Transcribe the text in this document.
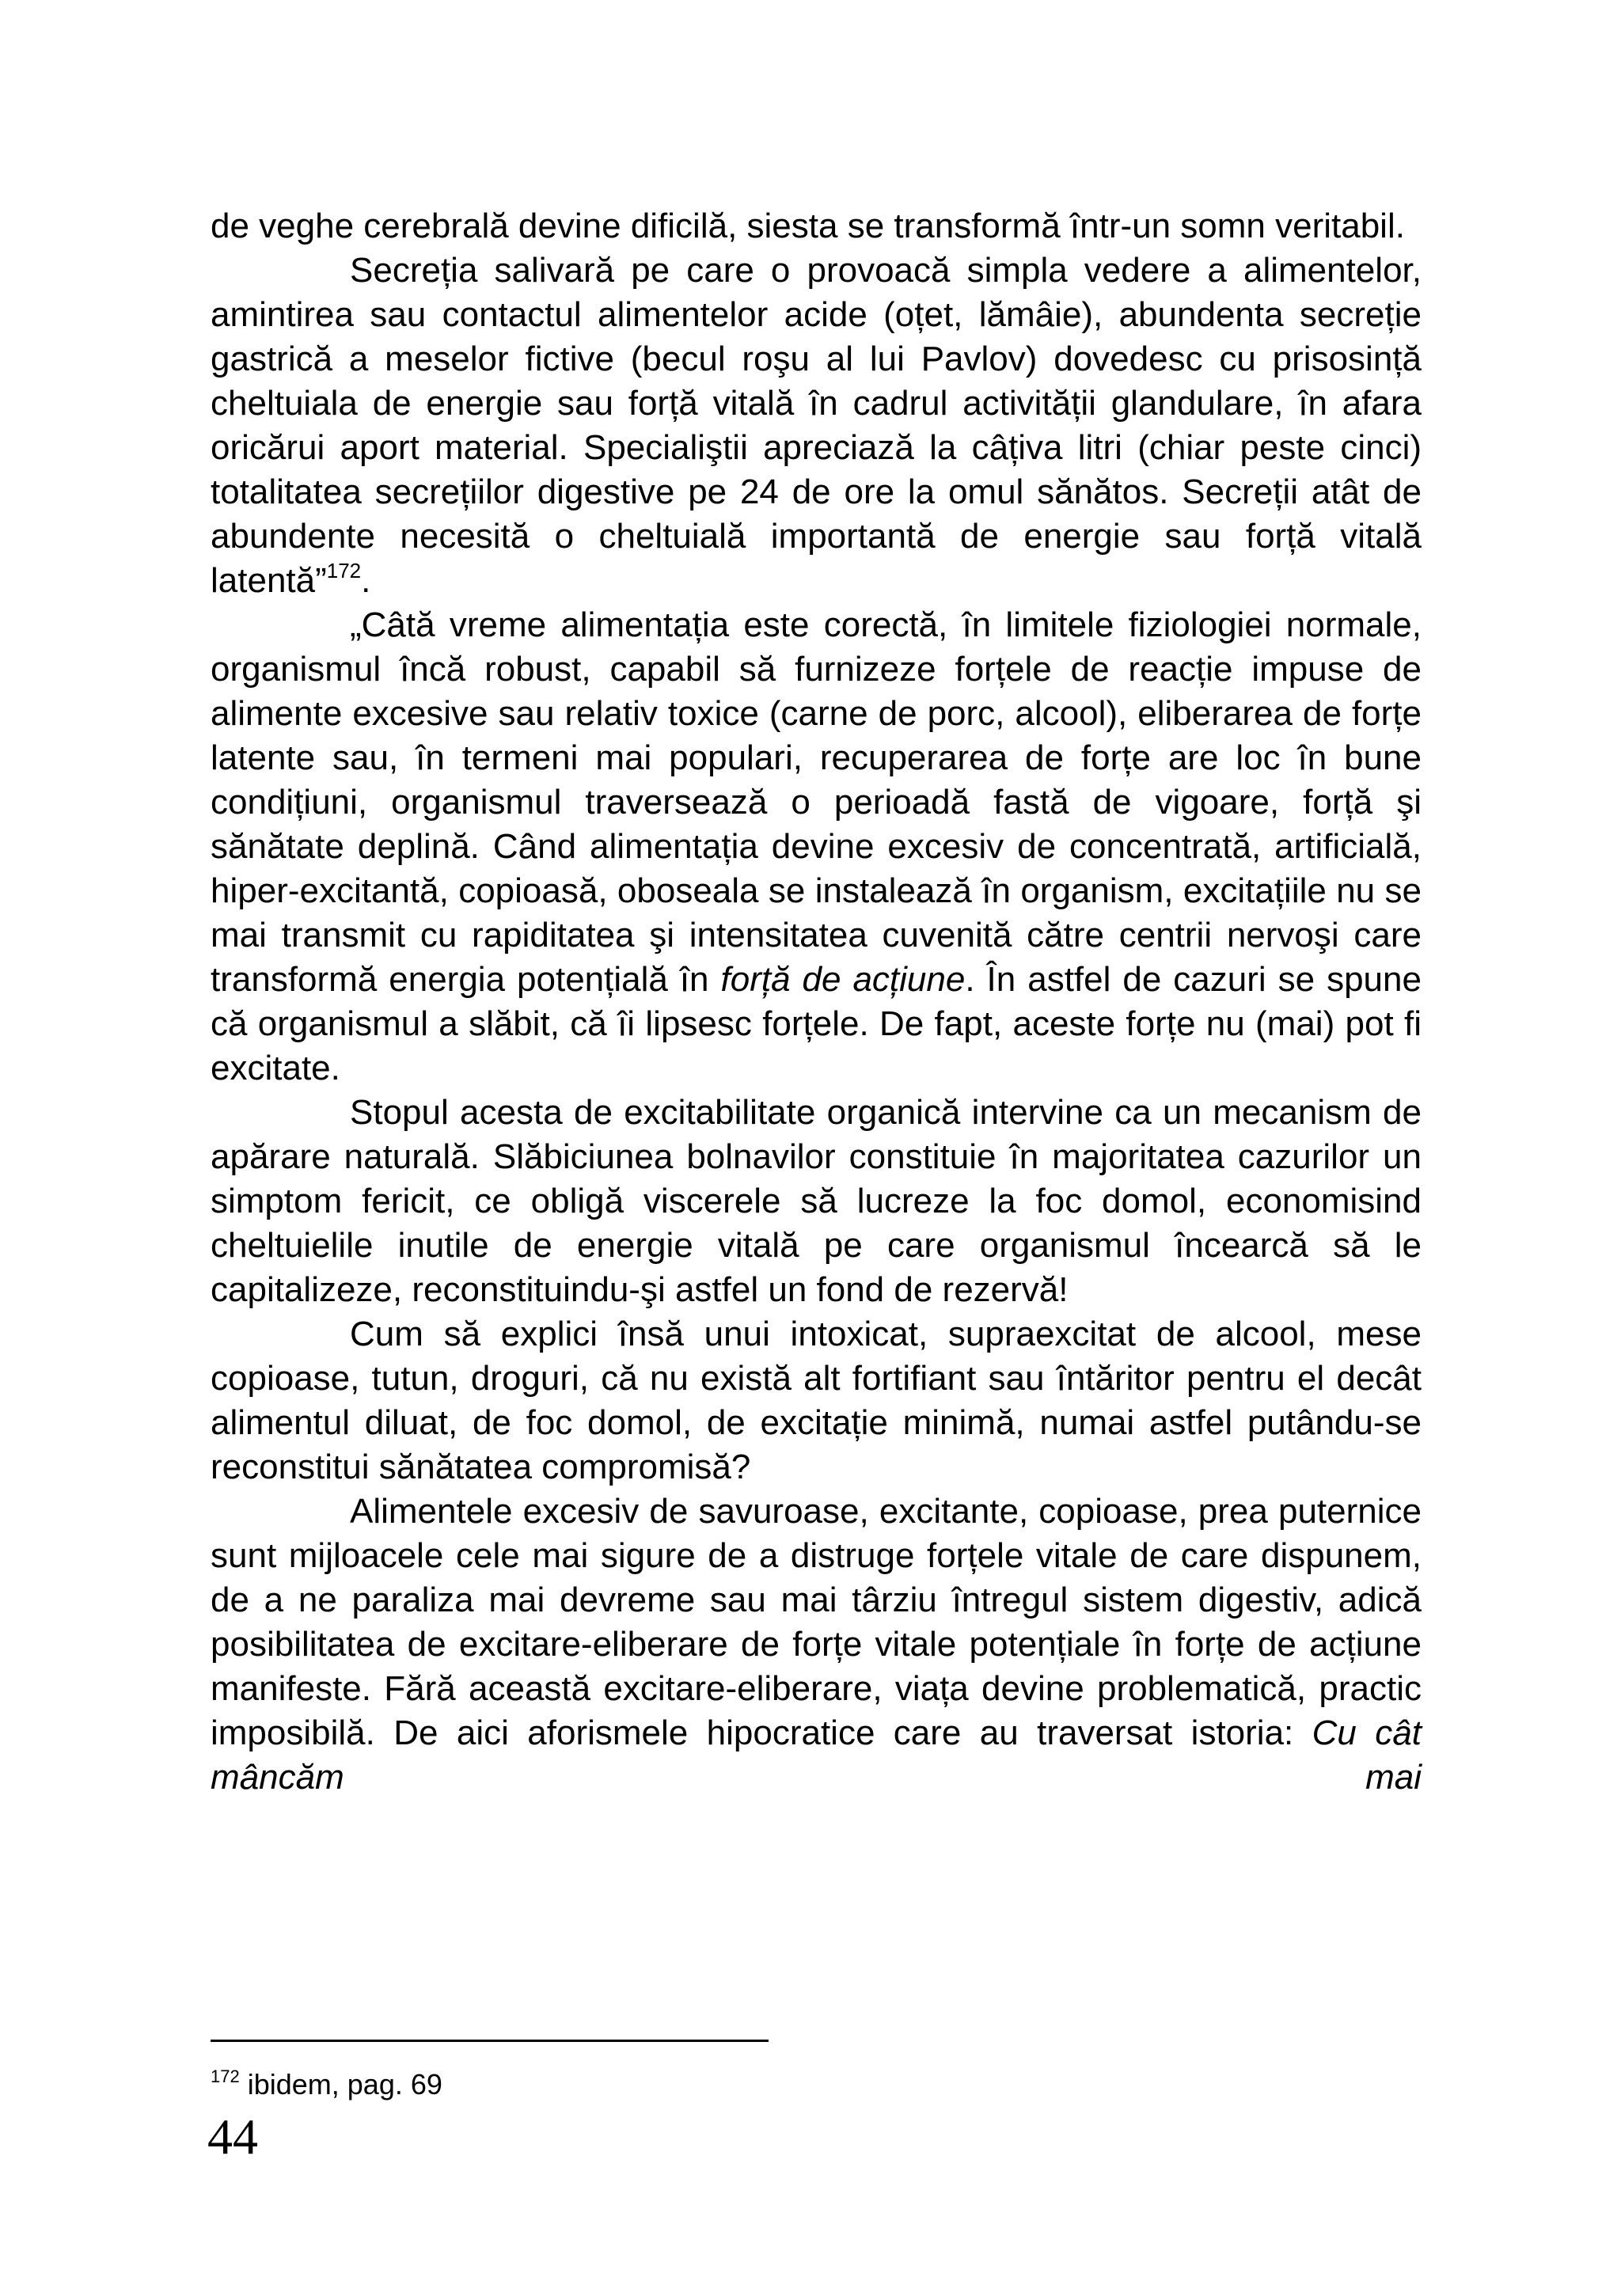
de veghe cerebrală devine dificilă, siesta se transformă într-un somn veritabil.

Secreția salivară pe care o provoacă simpla vedere a alimentelor, amintirea sau contactul alimentelor acide (oțet, lămâie), abundenta secreție gastrică a meselor fictive (becul roşu al lui Pavlov) dovedesc cu prisosință cheltuiala de energie sau forță vitală în cadrul activității glandulare, în afara oricărui aport material. Specialiştii apreciază la câțiva litri (chiar peste cinci) totalitatea secrețiilor digestive pe 24 de ore la omul sănătos. Secreții atât de abundente necesită o cheltuială importantă de energie sau forță vitală latentă”$^{172}$.

„Câtă vreme alimentația este corectă, în limitele fiziologiei normale, organismul încă robust, capabil să furnizeze forțele de reacție impuse de alimente excesive sau relativ toxice (carne de porc, alcool), eliberarea de forțe latente sau, în termeni mai populari, recuperarea de forțe are loc în bune condițiuni, organismul traversează o perioadă fastă de vigoare, forță şi sănătate deplină. Când alimentația devine excesiv de concentrată, artificială, hiper-excitantă, copioasă, oboseala se instalează în organism, excitațiile nu se mai transmit cu rapiditatea şi intensitatea cuvenită către centrii nervoşi care transformă energia potențială în forță de acțiune. În astfel de cazuri se spune că organismul a slăbit, că îi lipsesc forțele. De fapt, aceste forțe nu (mai) pot fi excitate.

Stopul acesta de excitabilitate organică intervine ca un mecanism de apărare naturală. Slăbiciunea bolnavilor constituie în majoritatea cazurilor un simptom fericit, ce obligă viscerele să lucreze la foc domol, economisind cheltuielile inutile de energie vitală pe care organismul încearcă să le capitalizeze, reconstituindu-şi astfel un fond de rezervă!

Cum să explici însă unui intoxicat, supraexcitat de alcool, mese copioase, tutun, droguri, că nu există alt fortifiant sau întăritor pentru el decât alimentul diluat, de foc domol, de excitație minimă, numai astfel putându-se reconstitui sănătatea compromisă?

Alimentele excesiv de savuroase, excitante, copioase, prea puternice sunt mijloacele cele mai sigure de a distruge forțele vitale de care dispunem, de a ne paraliza mai devreme sau mai târziu întregul sistem digestiv, adică posibilitatea de excitare-eliberare de forțe vitale potențiale în forțe de acțiune manifeste. Fără această excitare-eliberare, viața devine problematică, practic imposibilă. De aici aforismele hipocratice care au traversat istoria: Cu cât mâncăm mai

$^{172}$ ibidem, pag. 69
44
